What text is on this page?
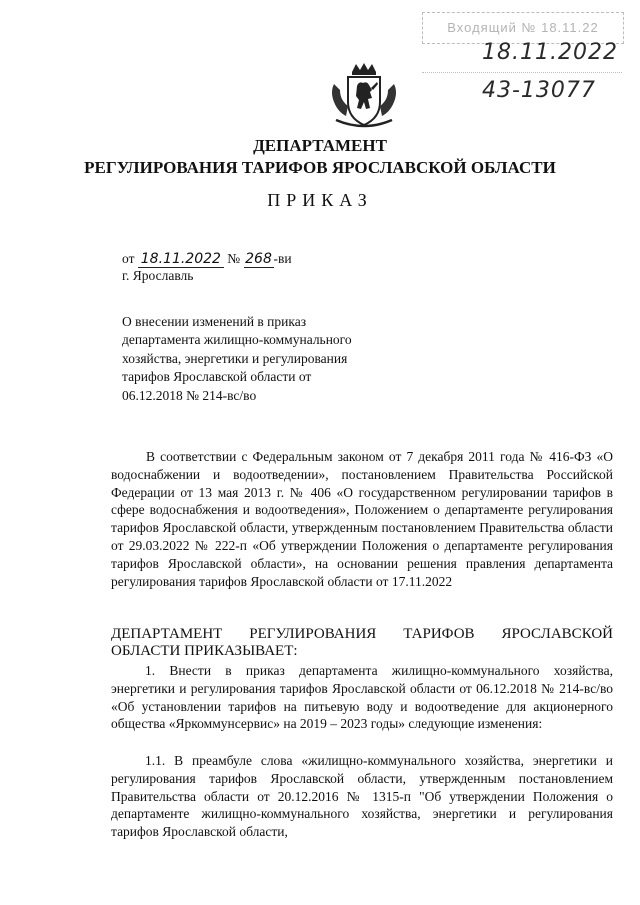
Входящий № 18.11.22
18.11.2022
43-13077
ДЕПАРТАМЕНТ
РЕГУЛИРОВАНИЯ ТАРИФОВ ЯРОСЛАВСКОЙ ОБЛАСТИ
ПРИКАЗ
от 18.11.2022 № 268 -ви
г. Ярославль
О внесении изменений в приказ департамента жилищно-коммунального хозяйства, энергетики и регулирования тарифов Ярославской области от 06.12.2018 № 214-вс/во
В соответствии с Федеральным законом от 7 декабря 2011 года № 416-ФЗ «О водоснабжении и водоотведении», постановлением Правительства Российской Федерации от 13 мая 2013 г. № 406 «О государственном регулировании тарифов в сфере водоснабжения и водоотведения», Положением о департаменте регулирования тарифов Ярославской области, утвержденным постановлением Правительства области от 29.03.2022 № 222-п «Об утверждении Положения о департаменте регулирования тарифов Ярославской области», на основании решения правления департамента регулирования тарифов Ярославской области от 17.11.2022
ДЕПАРТАМЕНТ РЕГУЛИРОВАНИЯ ТАРИФОВ ЯРОСЛАВСКОЙ
ОБЛАСТИ ПРИКАЗЫВАЕТ:
1. Внести в приказ департамента жилищно-коммунального хозяйства, энергетики и регулирования тарифов Ярославской области от 06.12.2018 № 214-вс/во «Об установлении тарифов на питьевую воду и водоотведение для акционерного общества «Яркоммунсервис» на 2019 – 2023 годы» следующие изменения:
1.1. В преамбуле слова «жилищно-коммунального хозяйства, энергетики и регулирования тарифов Ярославской области, утвержденным постановлением Правительства области от 20.12.2016 № 1315-п "Об утверждении Положения о департаменте жилищно-коммунального хозяйства, энергетики и регулирования тарифов Ярославской области,
